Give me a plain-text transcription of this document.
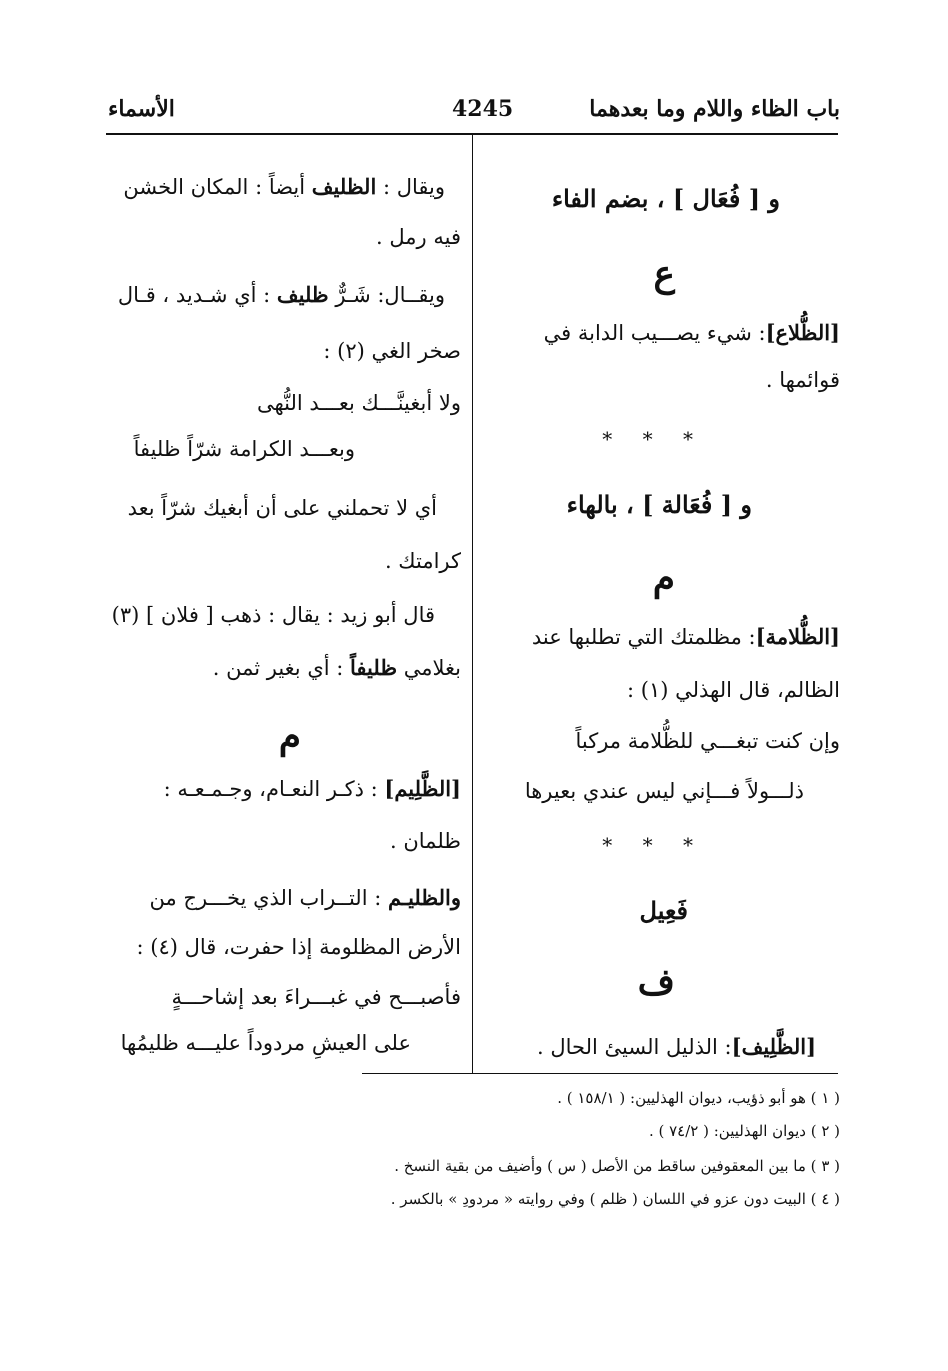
باب الظاء واللام وما بعدهما
4245
الأسماء
و [ فُعَال ] ، بضم الفاء
ع
[الظُّلاع]: شيء يصـــيب الدابة في
قوائمها .
* * *
و [ فُعَالة ] ، بالهاء
م
[الظُّلامة]: مظلمتك التي تطلبها عند
الظالم، قال الهذلي (١) :
وإن كنت تبغـــي للظُّلامة مركباً
ذلـــولاً فـــإني ليس عندي بعيرها
* * *
فَعِيل
ف
[الظَّلِيف]: الذليل السيئ الحال .
ويقال : الظليف أيضاً : المكان الخشن
فيه رمل .
ويقــال: شَـرٌّ ظليف : أي شـديد ، قـال
صخر الغي (٢) :
ولا أبغينَّـــك بعـــد النُّهى
وبعـــد الكرامة شرّاً ظليفاً
أي لا تحملني على أن أبغيك شرّاً بعد
كرامتك .
قال أبو زيد : يقال : ذهب [ فلان ] (٣)
بغلامي ظليفاً : أي بغير ثمن .
م
[الظَّلِيم] : ذكـر النعـام، وجـمـعـه :
ظلمان .
والظليـم : التــراب الذي يخـــرج من
الأرض المظلومة إذا حفرت، قال (٤) :
فأصبـــح في غبـــراءَ بعد إشاحـــةٍ
على العيشِ مردوداً عليـــه ظليمُها
( ١ ) هو أبو ذؤيب، ديوان الهذليين: ( ١٥٨/١ ) .
( ٢ ) ديوان الهذليين: ( ٧٤/٢ ) .
( ٣ ) ما بين المعقوفين ساقط من الأصل ( س ) وأضيف من بقية النسخ .
( ٤ ) البيت دون عزو في اللسان ( ظلم ) وفي روايته « مردودِ » بالكسر .
